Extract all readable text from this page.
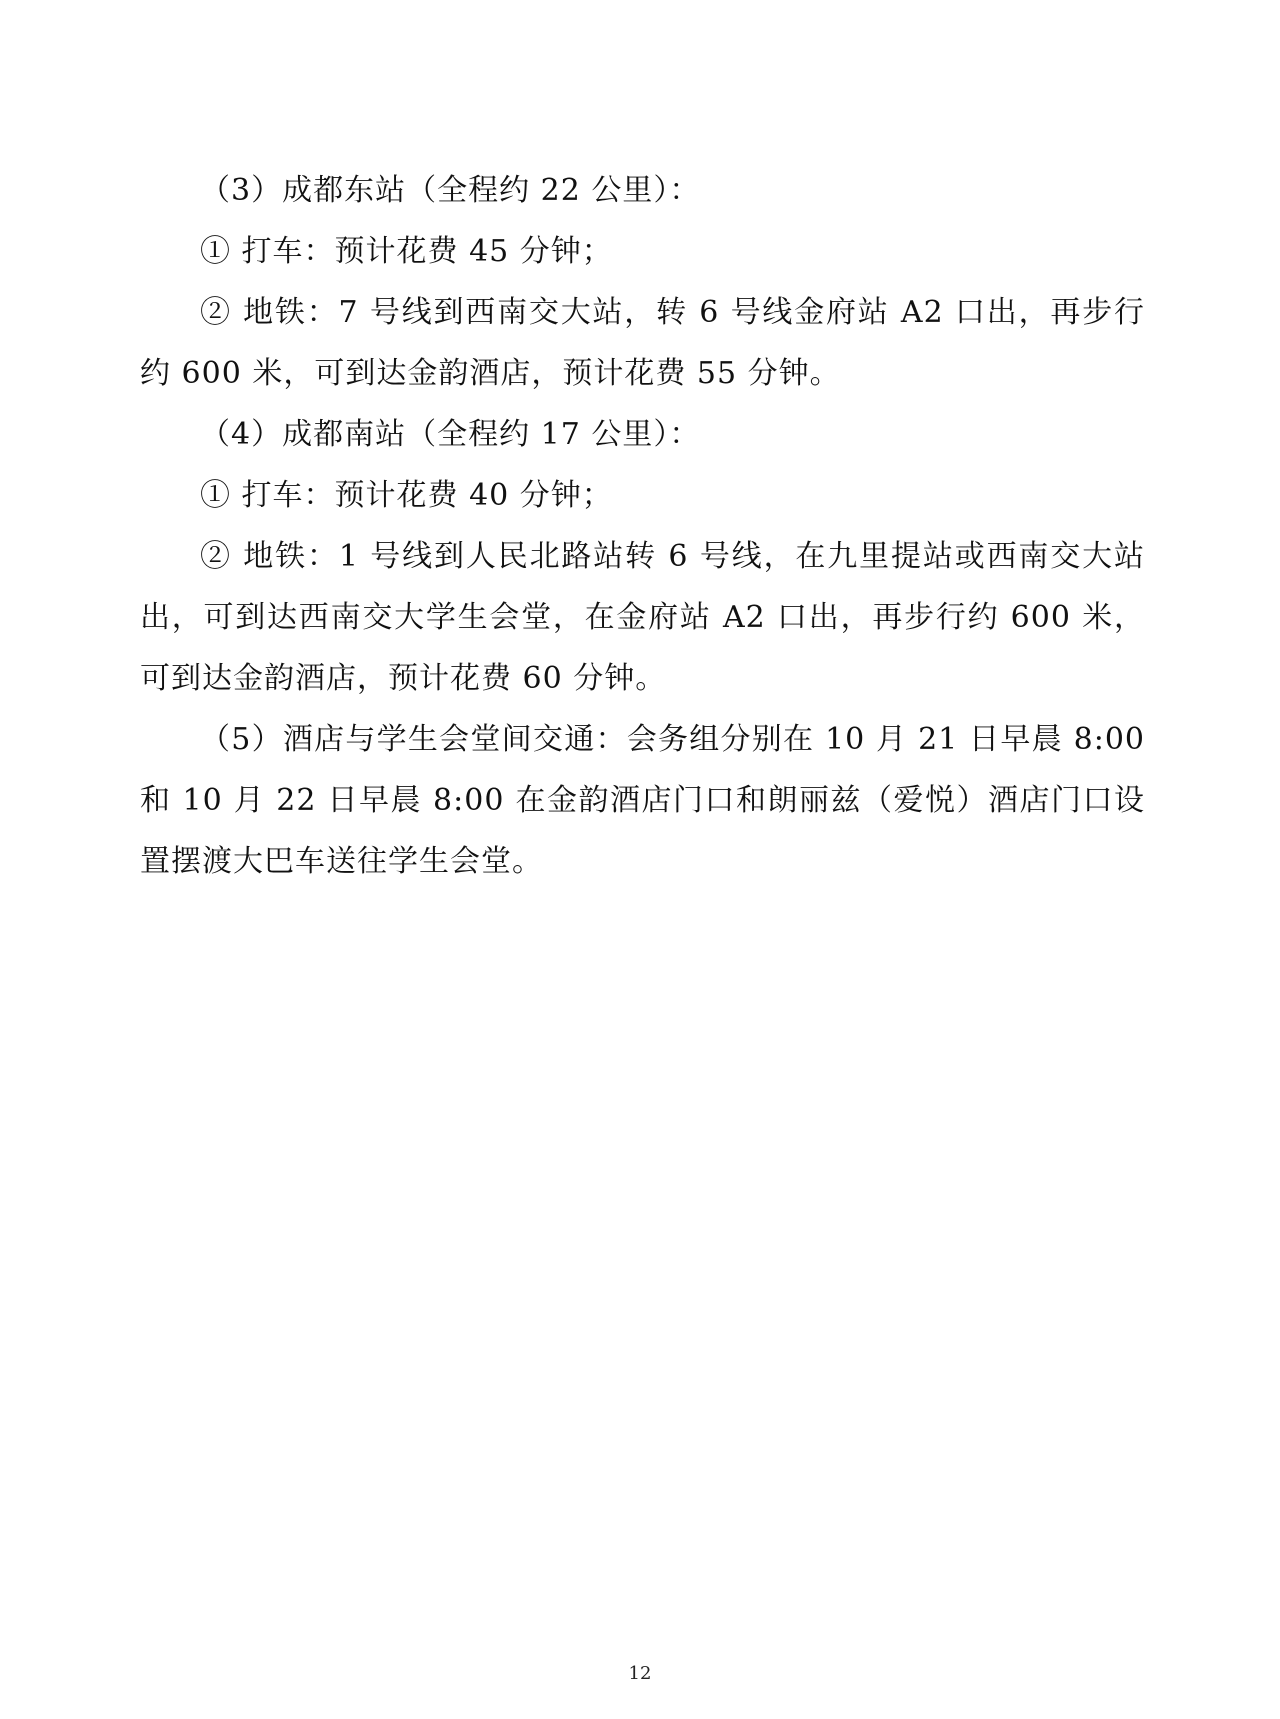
（3）成都东站（全程约 22 公里）：

① 打车：预计花费 45 分钟；

② 地铁：7 号线到西南交大站，转 6 号线金府站 A2 口出，再步行约 600 米，可到达金韵酒店，预计花费 55 分钟。

（4）成都南站（全程约 17 公里）：

① 打车：预计花费 40 分钟；

② 地铁：1 号线到人民北路站转 6 号线，在九里提站或西南交大站出，可到达西南交大学生会堂，在金府站 A2 口出，再步行约 600 米，可到达金韵酒店，预计花费 60 分钟。

（5）酒店与学生会堂间交通：会务组分别在 10 月 21 日早晨 8:00 和 10 月 22 日早晨 8:00 在金韵酒店门口和朗丽兹（爱悦）酒店门口设置摆渡大巴车送往学生会堂。

12
